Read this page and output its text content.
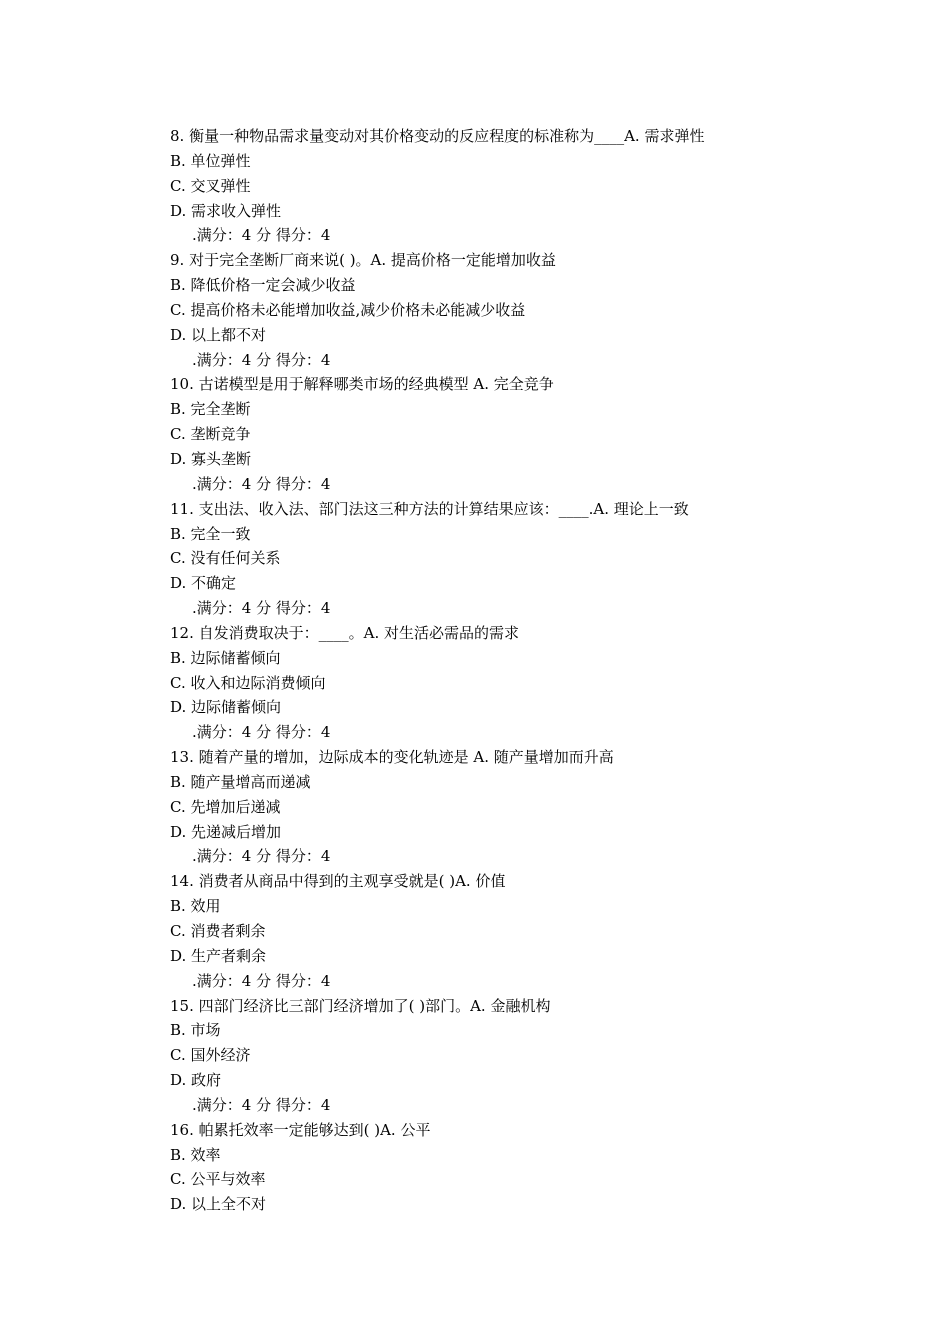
8. 衡量一种物品需求量变动对其价格变动的反应程度的标准称为____A. 需求弹性
B. 单位弹性
C. 交叉弹性
D. 需求收入弹性
.满分：4 分 得分：4
9. 对于完全垄断厂商来说( )。A. 提高价格一定能增加收益
B. 降低价格一定会减少收益
C. 提高价格未必能增加收益,减少价格未必能减少收益
D. 以上都不对
.满分：4 分 得分：4
10. 古诺模型是用于解释哪类市场的经典模型 A. 完全竞争
B. 完全垄断
C. 垄断竞争
D. 寡头垄断
.满分：4 分 得分：4
11. 支出法、收入法、部门法这三种方法的计算结果应该：____.A. 理论上一致
B. 完全一致
C. 没有任何关系
D. 不确定
.满分：4 分 得分：4
12. 自发消费取决于：____。A. 对生活必需品的需求
B. 边际储蓄倾向
C. 收入和边际消费倾向
D. 边际储蓄倾向
.满分：4 分 得分：4
13. 随着产量的增加，边际成本的变化轨迹是 A. 随产量增加而升高
B. 随产量增高而递减
C. 先增加后递减
D. 先递减后增加
.满分：4 分 得分：4
14. 消费者从商品中得到的主观享受就是( )A. 价值
B. 效用
C. 消费者剩余
D. 生产者剩余
.满分：4 分 得分：4
15. 四部门经济比三部门经济增加了( )部门。A. 金融机构
B. 市场
C. 国外经济
D. 政府
.满分：4 分 得分：4
16. 帕累托效率一定能够达到( )A. 公平
B. 效率
C. 公平与效率
D. 以上全不对
